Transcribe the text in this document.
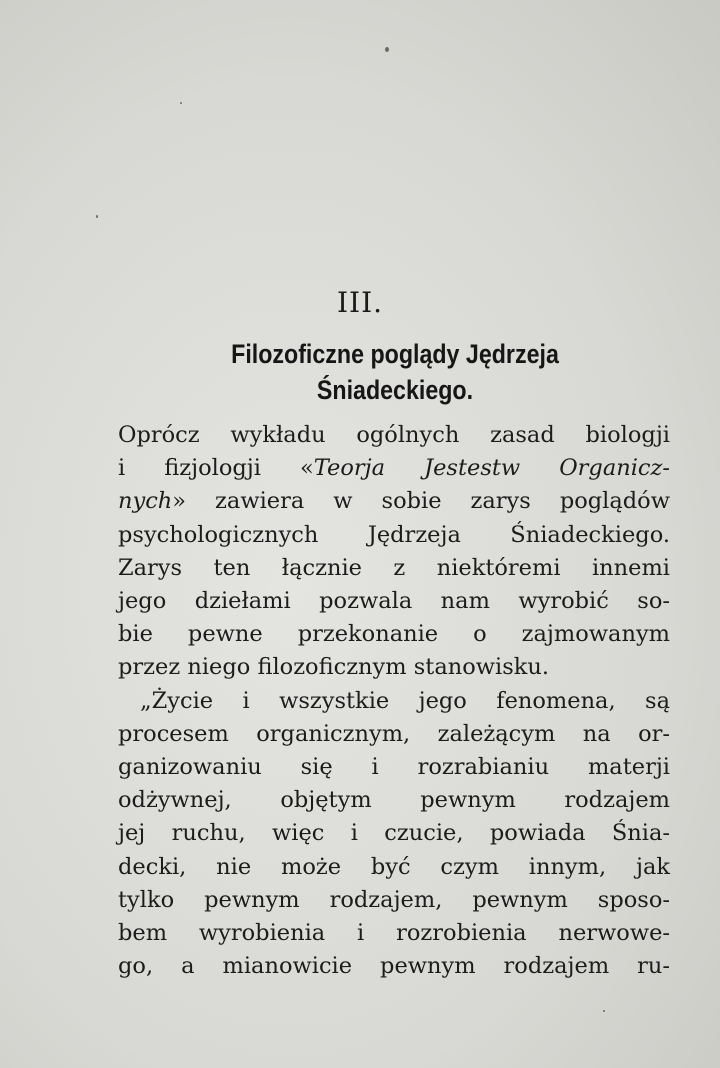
III.
Filozoficzne poglądy Jędrzeja
Śniadeckiego.
Oprócz wykładu ogólnych zasad biologji
i fizjologji «Teorja Jestestw Organicz-
nych» zawiera w sobie zarys poglądów
psychologicznych Jędrzeja Śniadeckiego.
Zarys ten łącznie z niektóremi innemi
jego dziełami pozwala nam wyrobić so-
bie pewne przekonanie o zajmowanym
przez niego filozoficznym stanowisku.
„Życie i wszystkie jego fenomena, są
procesem organicznym, zależącym na or-
ganizowaniu się i rozrabianiu materji
odżywnej, objętym pewnym rodzajem
jej ruchu, więc i czucie, powiada Śnia-
decki, nie może być czym innym, jak
tylko pewnym rodzajem, pewnym sposo-
bem wyrobienia i rozrobienia nerwowe-
go, a mianowicie pewnym rodzajem ru-
